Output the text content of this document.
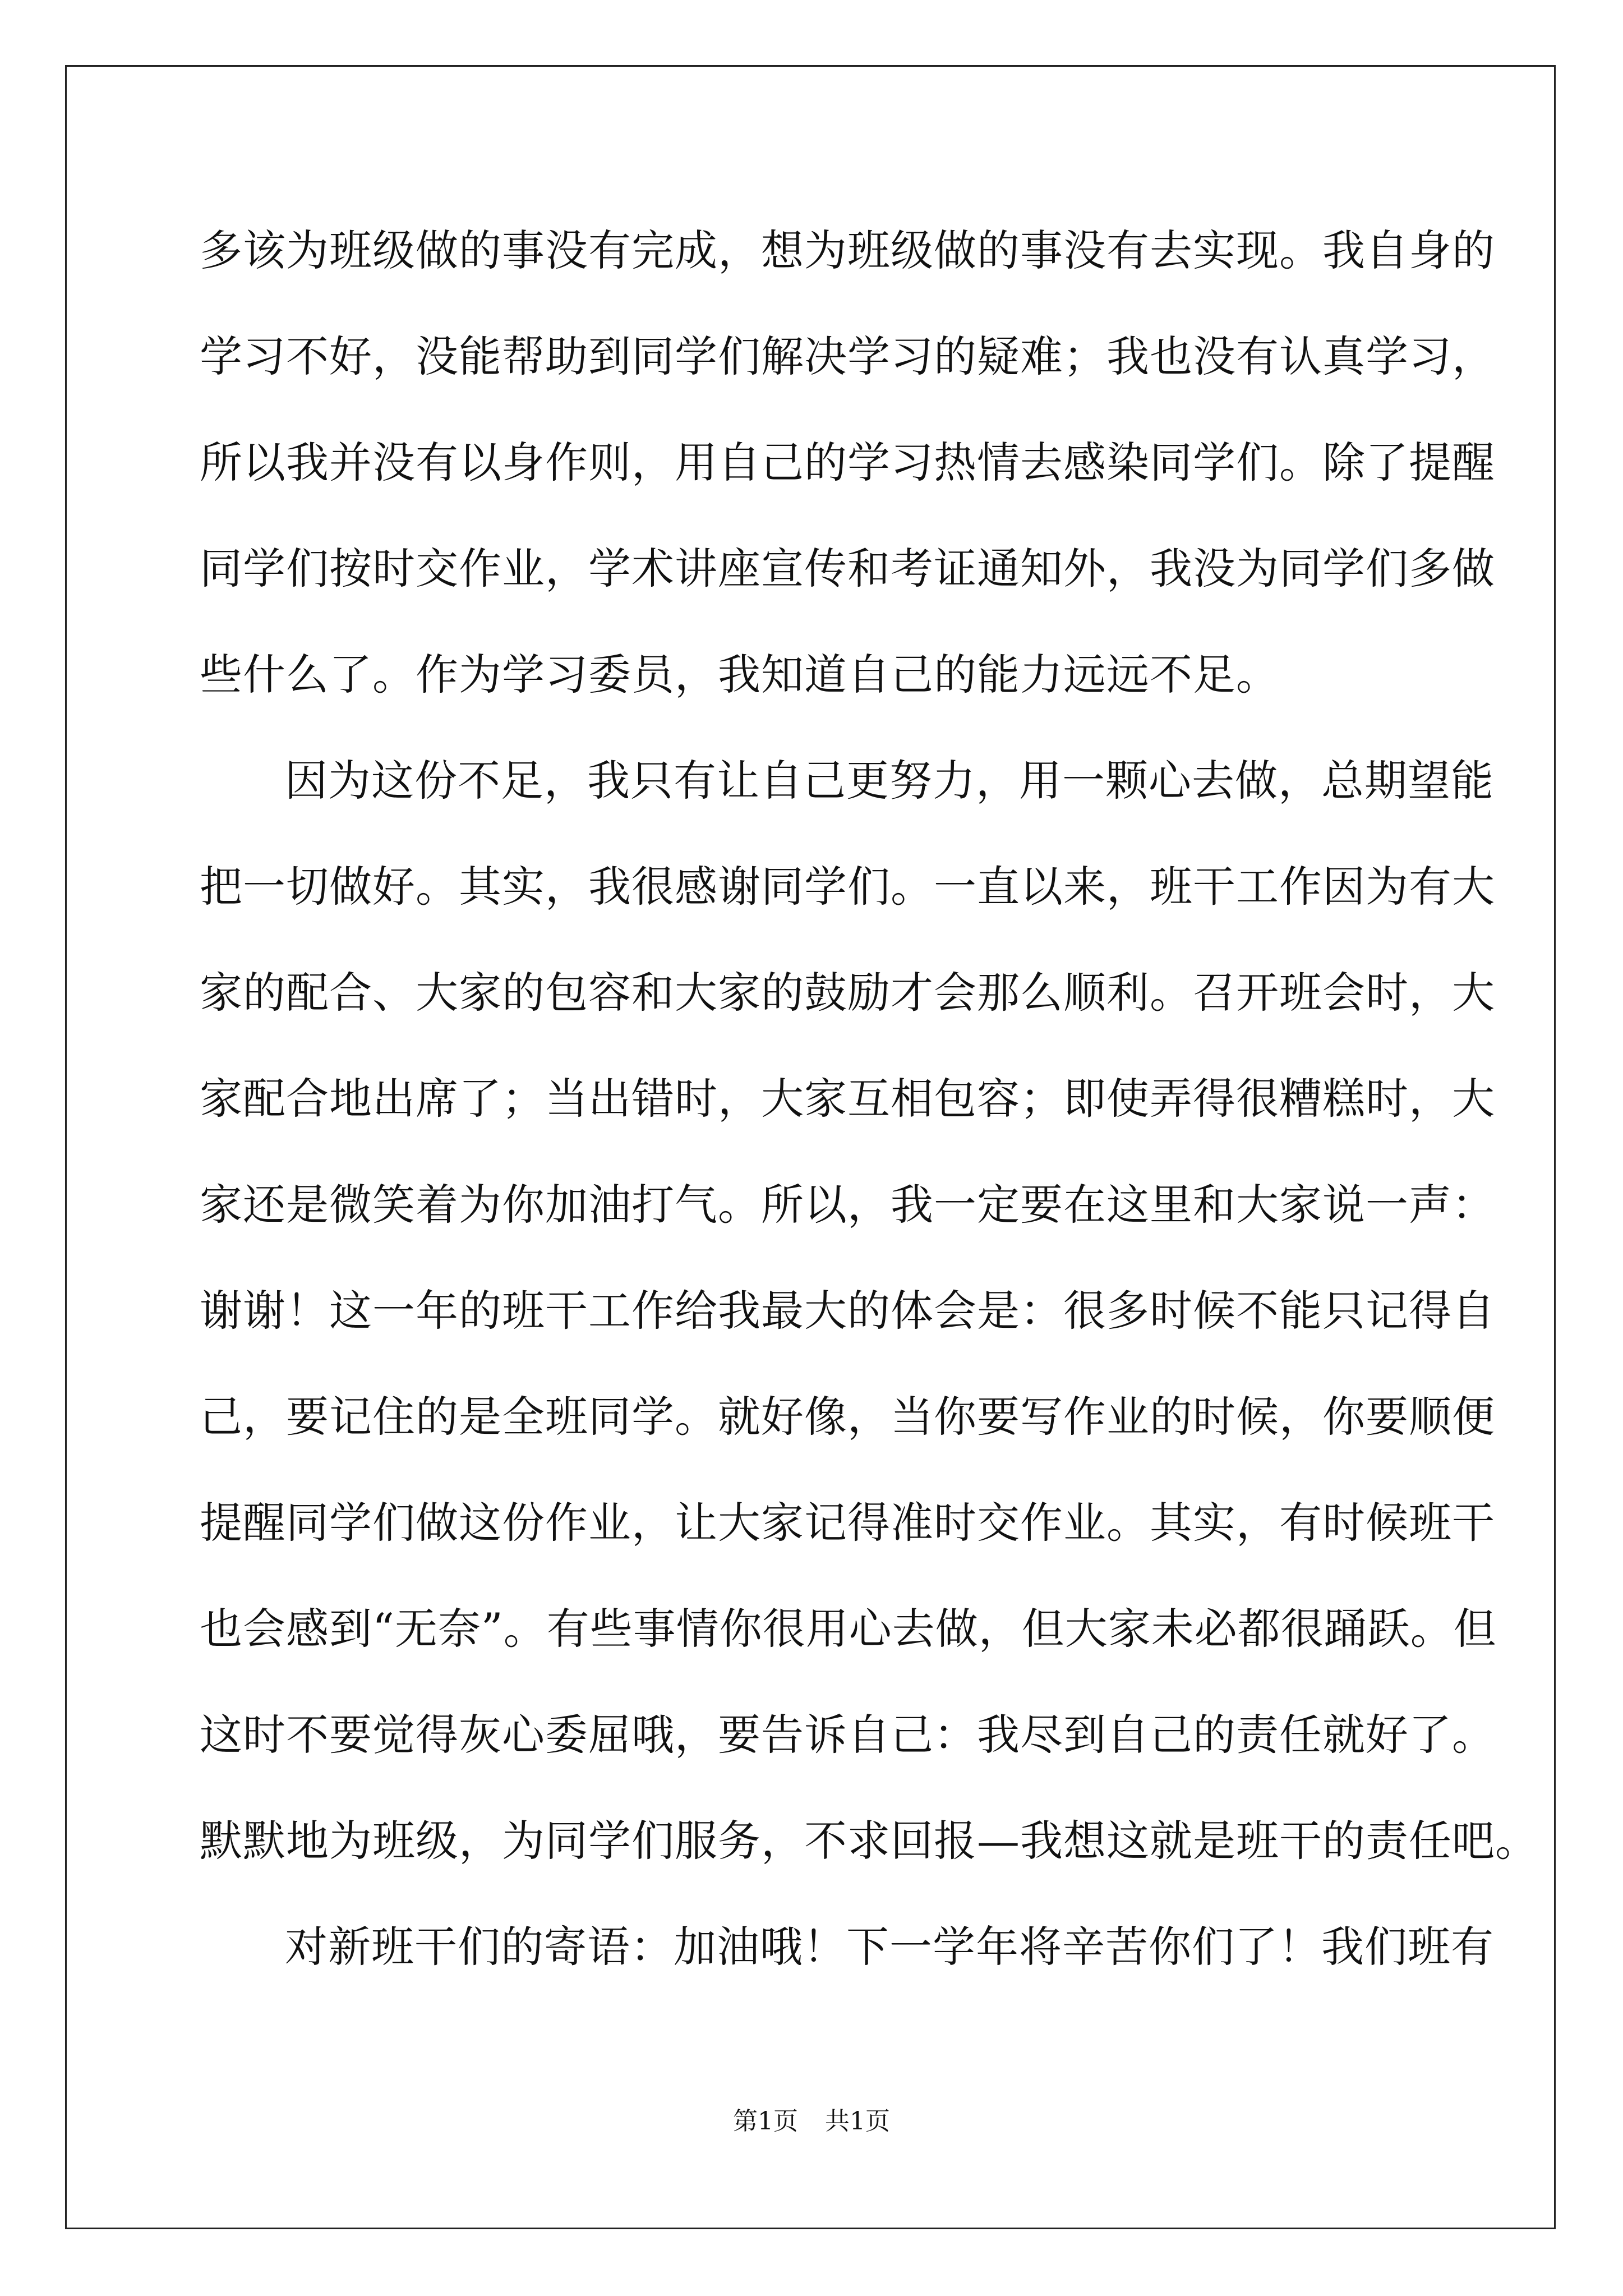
多该为班级做的事没有完成，想为班级做的事没有去实现。我自身的
学习不好，没能帮助到同学们解决学习的疑难；我也没有认真学习，
所以我并没有以身作则，用自己的学习热情去感染同学们。除了提醒
同学们按时交作业，学术讲座宣传和考证通知外，我没为同学们多做
些什么了。作为学习委员，我知道自己的能力远远不足。
因为这份不足，我只有让自己更努力，用一颗心去做，总期望能
把一切做好。其实，我很感谢同学们。一直以来，班干工作因为有大
家的配合、大家的包容和大家的鼓励才会那么顺利。召开班会时，大
家配合地出席了；当出错时，大家互相包容；即使弄得很糟糕时，大
家还是微笑着为你加油打气。所以，我一定要在这里和大家说一声：
谢谢！这一年的班干工作给我最大的体会是：很多时候不能只记得自
己，要记住的是全班同学。就好像，当你要写作业的时候，你要顺便
提醒同学们做这份作业，让大家记得准时交作业。其实，有时候班干
也会感到“无奈”。有些事情你很用心去做，但大家未必都很踊跃。但
这时不要觉得灰心委屈哦，要告诉自己：我尽到自己的责任就好了。
默默地为班级，为同学们服务，不求回报—我想这就是班干的责任吧。
对新班干们的寄语：加油哦！下一学年将辛苦你们了！我们班有
第1页 共1页
